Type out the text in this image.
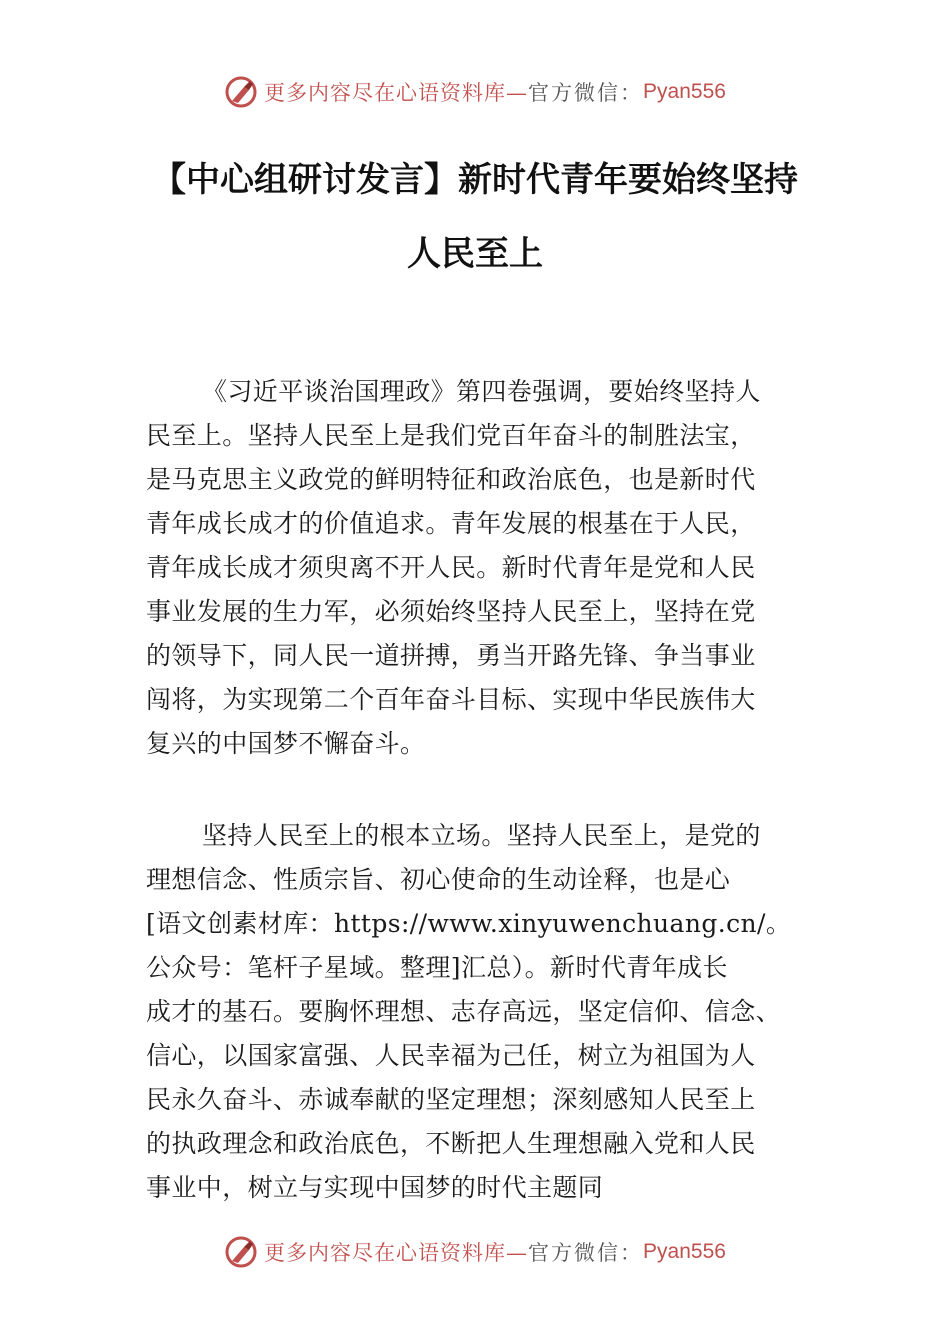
更多内容尽在心语资料库— 官方微信： Pyan556
【中心组研讨发言】新时代青年要始终坚持
人民至上
《习近平谈治国理政》第四卷强调，要始终坚持人
民至上。坚持人民至上是我们党百年奋斗的制胜法宝，
是马克思主义政党的鲜明特征和政治底色，也是新时代
青年成长成才的价值追求。青年发展的根基在于人民，
青年成长成才须臾离不开人民。新时代青年是党和人民
事业发展的生力军，必须始终坚持人民至上，坚持在党
的领导下，同人民一道拼搏，勇当开路先锋、争当事业
闯将，为实现第二个百年奋斗目标、实现中华民族伟大
复兴的中国梦不懈奋斗。
坚持人民至上的根本立场。坚持人民至上，是党的
理想信念、性质宗旨、初心使命的生动诠释，也是心
[语文创素材库：https://www.xinyuwenchuang.cn/。
公众号：笔杆子星域。整理]汇总）。新时代青年成长
成才的基石。要胸怀理想、志存高远，坚定信仰、信念、
信心，以国家富强、人民幸福为己任，树立为祖国为人
民永久奋斗、赤诚奉献的坚定理想；深刻感知人民至上
的执政理念和政治底色，不断把人生理想融入党和人民
事业中，树立与实现中国梦的时代主题同
更多内容尽在心语资料库— 官方微信： Pyan556
